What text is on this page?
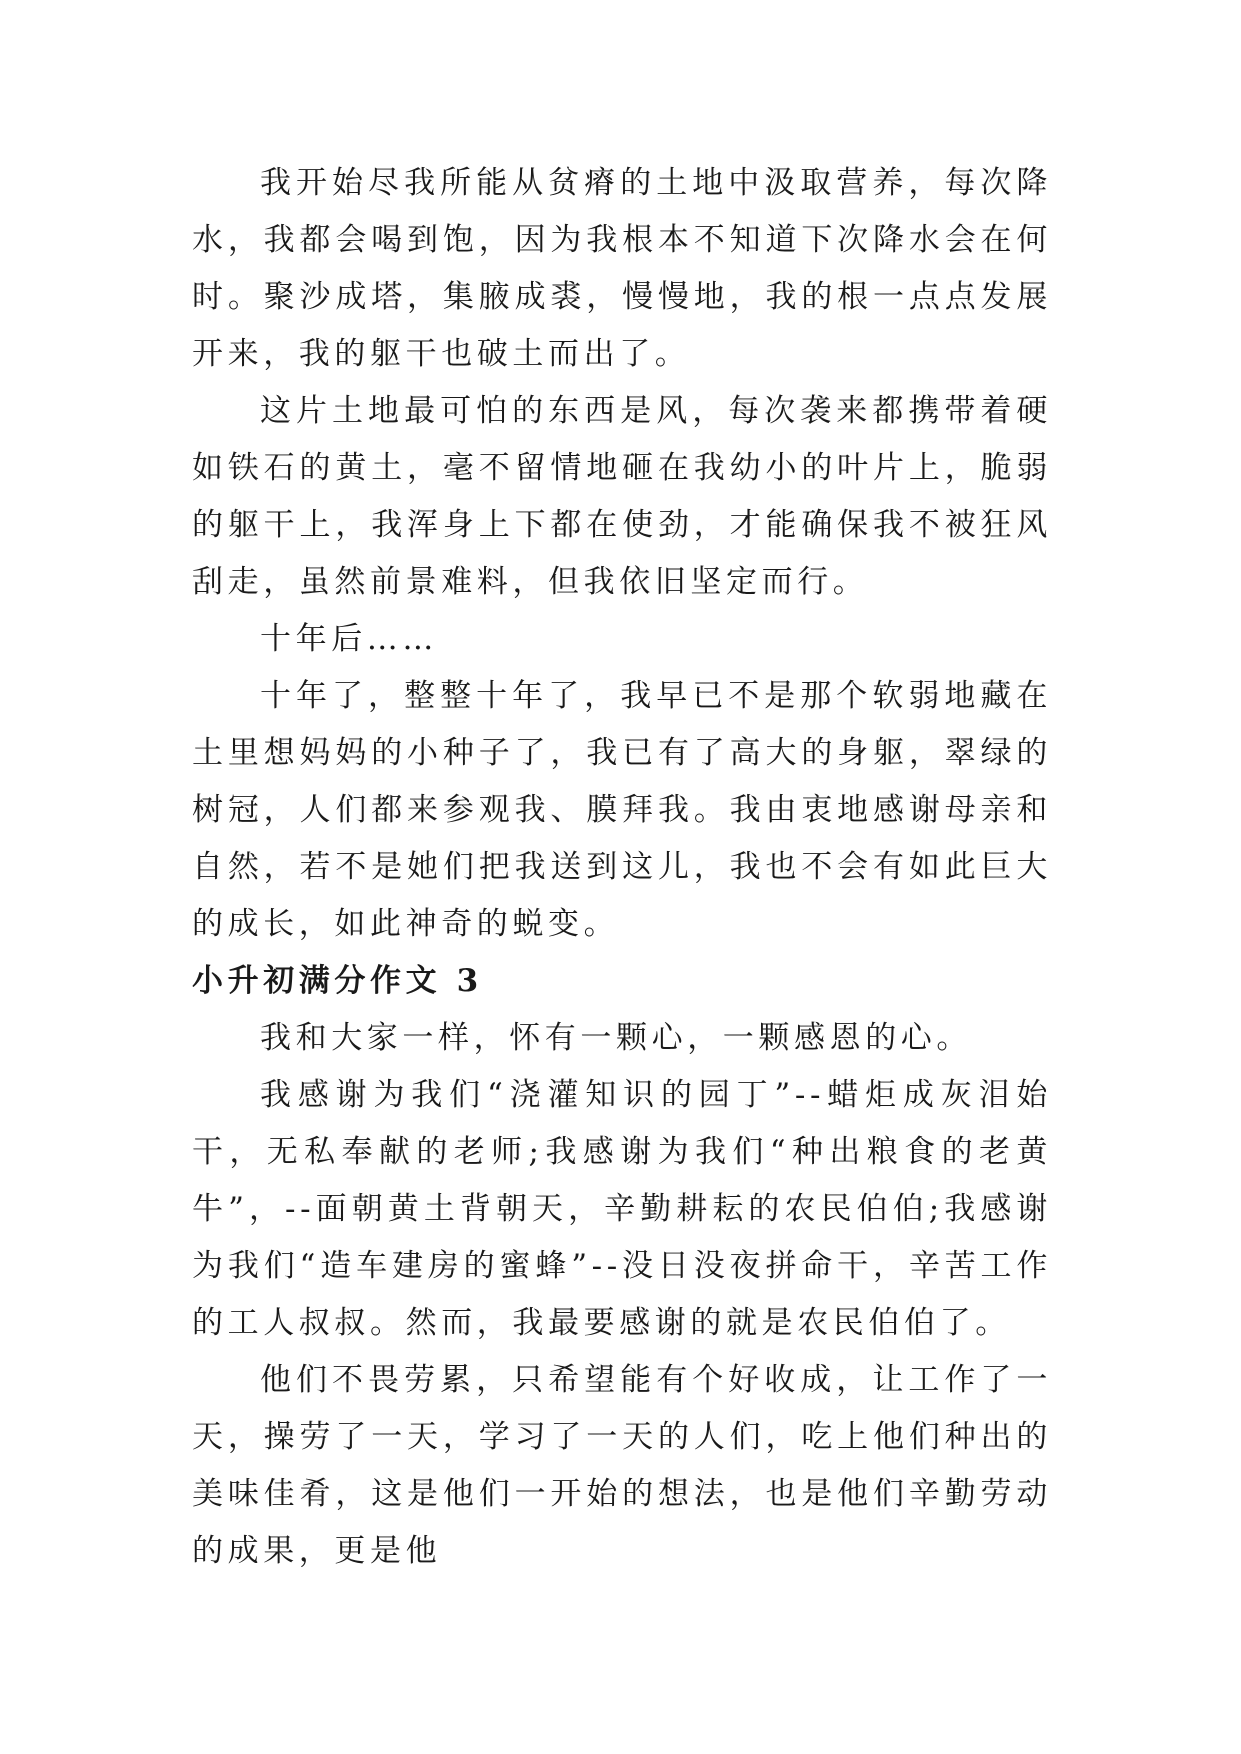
我开始尽我所能从贫瘠的土地中汲取营养，每次降水，我都会喝到饱，因为我根本不知道下次降水会在何时。聚沙成塔，集腋成裘，慢慢地，我的根一点点发展开来，我的躯干也破土而出了。

这片土地最可怕的东西是风，每次袭来都携带着硬如铁石的黄土，毫不留情地砸在我幼小的叶片上，脆弱的躯干上，我浑身上下都在使劲，才能确保我不被狂风刮走，虽然前景难料，但我依旧坚定而行。

十年后……

十年了，整整十年了，我早已不是那个软弱地藏在土里想妈妈的小种子了，我已有了高大的身躯，翠绿的树冠，人们都来参观我、膜拜我。我由衷地感谢母亲和自然，若不是她们把我送到这儿，我也不会有如此巨大的成长，如此神奇的蜕变。

小升初满分作文 3

我和大家一样，怀有一颗心，一颗感恩的心。

我感谢为我们“浇灌知识的园丁”--蜡炬成灰泪始干，无私奉献的老师;我感谢为我们“种出粮食的老黄牛”，--面朝黄土背朝天，辛勤耕耘的农民伯伯;我感谢为我们“造车建房的蜜蜂”--没日没夜拼命干，辛苦工作的工人叔叔。然而，我最要感谢的就是农民伯伯了。

他们不畏劳累，只希望能有个好收成，让工作了一天，操劳了一天，学习了一天的人们，吃上他们种出的美味佳肴，这是他们一开始的想法，也是他们辛勤劳动的成果，更是他
